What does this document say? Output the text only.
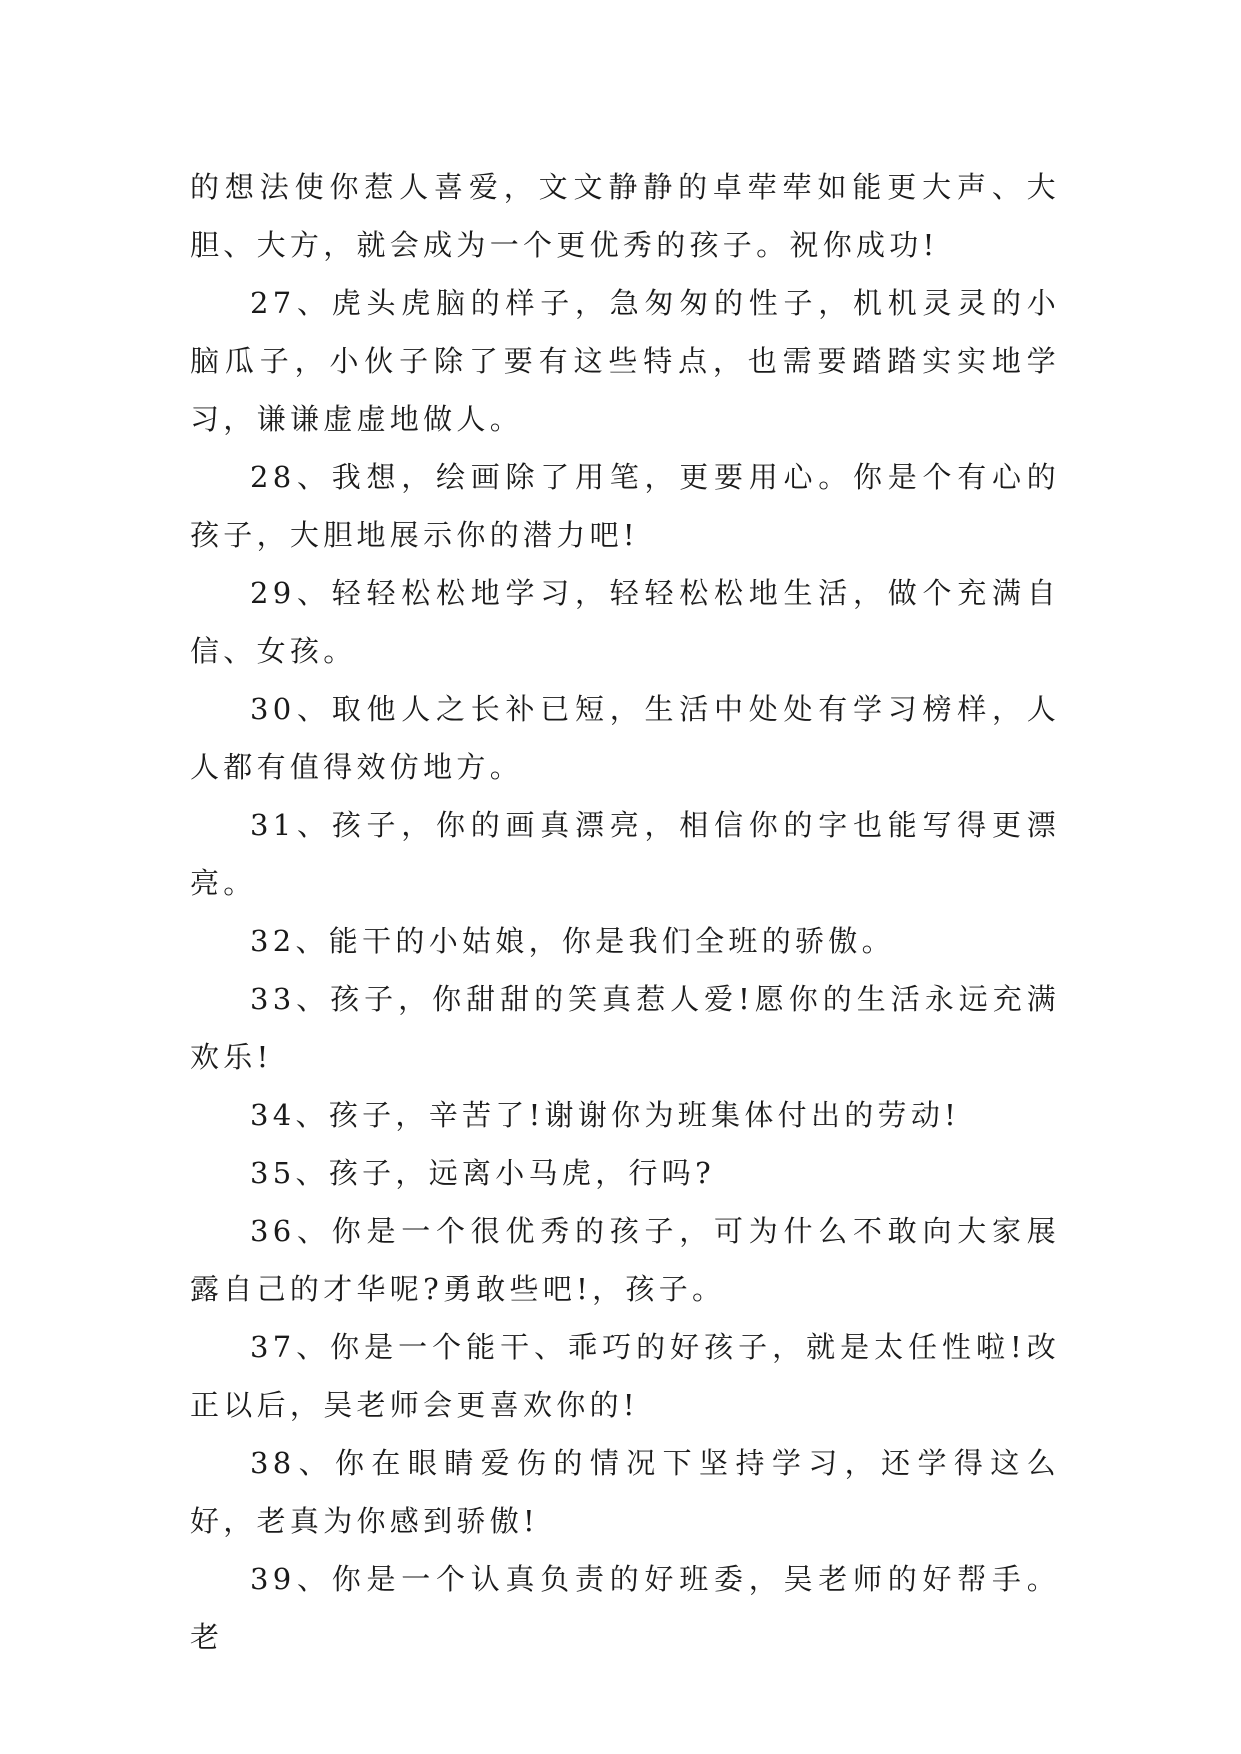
的想法使你惹人喜爱，文文静静的卓荦荦如能更大声、大胆、大方，就会成为一个更优秀的孩子。祝你成功!

27、虎头虎脑的样子，急匆匆的性子，机机灵灵的小脑瓜子，小伙子除了要有这些特点，也需要踏踏实实地学习，谦谦虚虚地做人。

28、我想，绘画除了用笔，更要用心。你是个有心的孩子，大胆地展示你的潜力吧!

29、轻轻松松地学习，轻轻松松地生活，做个充满自信、女孩。

30、取他人之长补已短，生活中处处有学习榜样，人人都有值得效仿地方。

31、孩子，你的画真漂亮，相信你的字也能写得更漂亮。

32、能干的小姑娘，你是我们全班的骄傲。

33、孩子，你甜甜的笑真惹人爱!愿你的生活永远充满欢乐!

34、孩子，辛苦了!谢谢你为班集体付出的劳动!

35、孩子，远离小马虎，行吗?

36、你是一个很优秀的孩子，可为什么不敢向大家展露自己的才华呢?勇敢些吧!，孩子。

37、你是一个能干、乖巧的好孩子，就是太任性啦!改正以后，吴老师会更喜欢你的!

38、你在眼睛爱伤的情况下坚持学习，还学得这么好，老真为你感到骄傲!

39、你是一个认真负责的好班委，吴老师的好帮手。老
